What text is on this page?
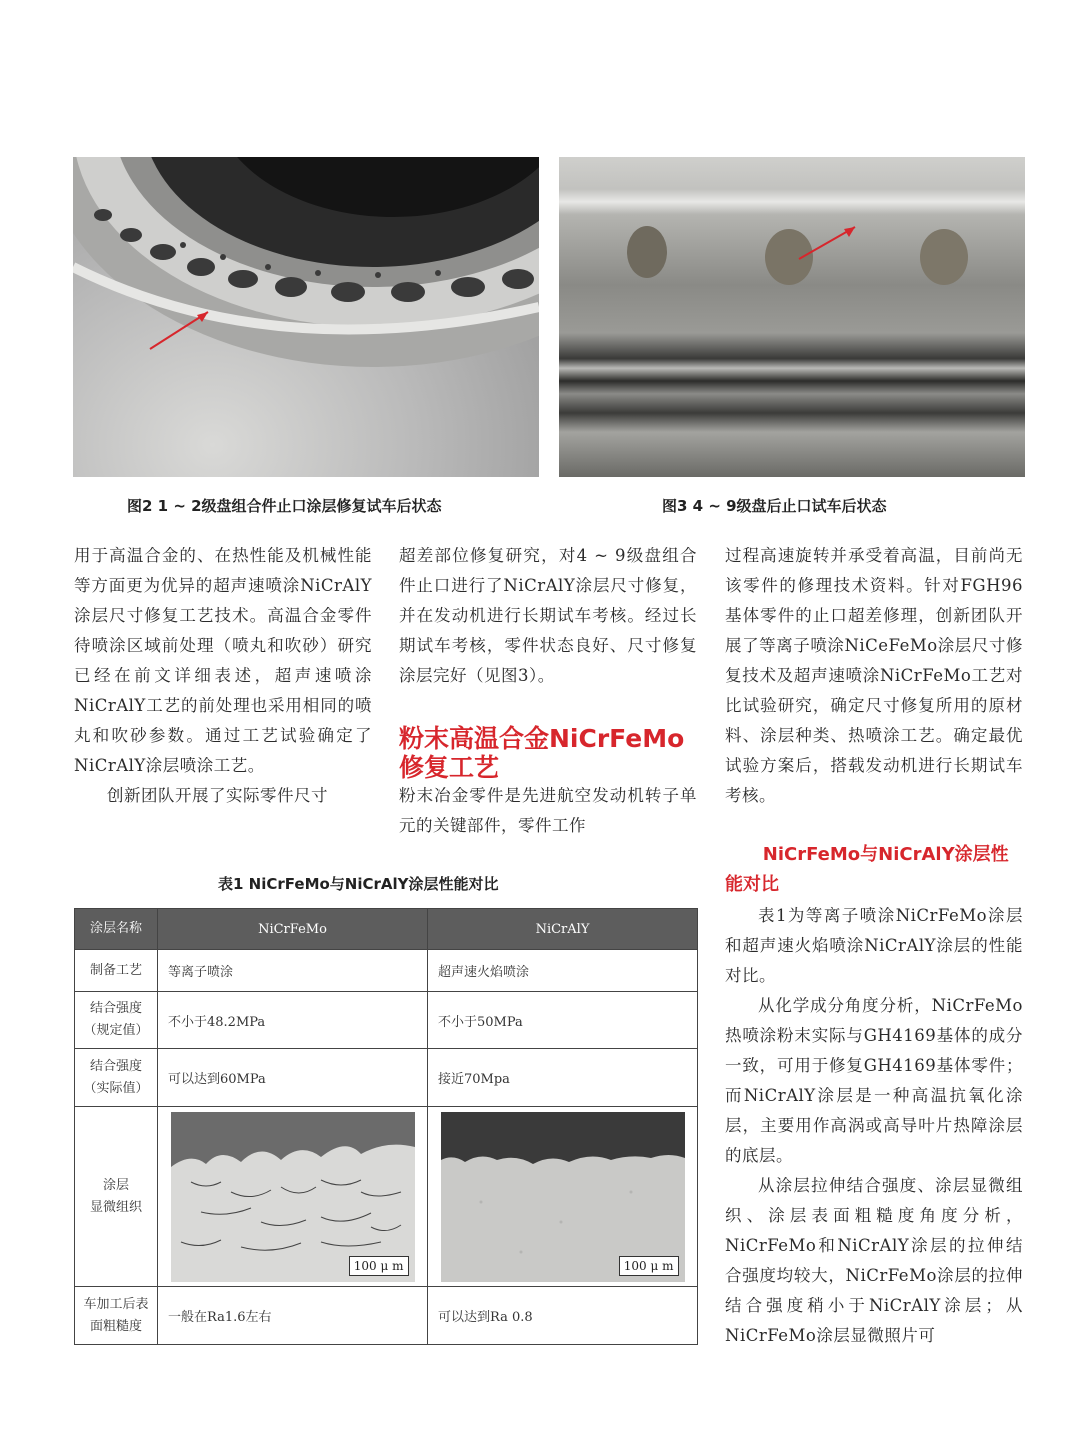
图2 1 ~ 2级盘组合件止口涂层修复试车后状态	图3 4 ~ 9级盘后止口试车后状态

用于高温合金的、在热性能及机械性能等方面更为优异的超声速喷涂NiCrAlY涂层尺寸修复工艺技术。高温合金零件待喷涂区域前处理（喷丸和吹砂）研究已经在前文详细表述，超声速喷涂NiCrAlY工艺的前处理也采用相同的喷丸和吹砂参数。通过工艺试验确定了NiCrAlY涂层喷涂工艺。

创新团队开展了实际零件尺寸

超差部位修复研究，对4 ~ 9级盘组合件止口进行了NiCrAlY涂层尺寸修复，并在发动机进行长期试车考核。经过长期试车考核，零件状态良好、尺寸修复涂层完好（见图3）。

粉末高温合金NiCrFeMo修复工艺

粉末冶金零件是先进航空发动机转子单元的关键部件，零件工作

过程高速旋转并承受着高温，目前尚无该零件的修理技术资料。针对FGH96基体零件的止口超差修理，创新团队开展了等离子喷涂NiCeFeMo涂层尺寸修复技术及超声速喷涂NiCrFeMo工艺对比试验研究，确定尺寸修复所用的原材料、涂层种类、热喷涂工艺。确定最优试验方案后，搭载发动机进行长期试车考核。

NiCrFeMo与NiCrAlY涂层性能对比

表1为等离子喷涂NiCrFeMo涂层和超声速火焰喷涂NiCrAlY涂层的性能对比。

从化学成分角度分析，NiCrFeMo热喷涂粉末实际与GH4169基体的成分一致，可用于修复GH4169基体零件；而NiCrAlY涂层是一种高温抗氧化涂层，主要用作高涡或高导叶片热障涂层的底层。

从涂层拉伸结合强度、涂层显微组织、涂层表面粗糙度角度分析，NiCrFeMo和NiCrAlY涂层的拉伸结合强度均较大，NiCrFeMo涂层的拉伸结合强度稍小于NiCrAlY涂层；从NiCrFeMo涂层显微照片可

表1 NiCrFeMo与NiCrAlY涂层性能对比
涂层名称	NiCrFeMo	NiCrAlY
制备工艺	等离子喷涂	超声速火焰喷涂
结合强度（规定值）	不小于48.2MPa	不小于50MPa
结合强度（实际值）	可以达到60MPa	接近70Mpa

涂层
显微组织	100 μ m	100 μ m

车加工后表面粗糙度	一般在Ra1.6左右	可以达到Ra 0.8
